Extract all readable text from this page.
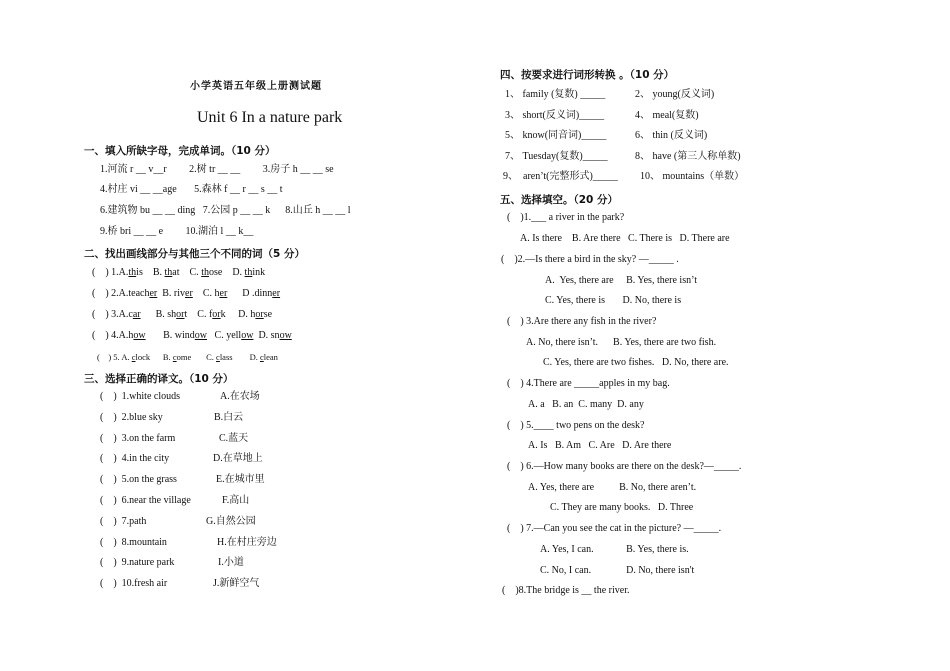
小学英语五年级上册测试题
Unit 6 In a nature park
一、填入所缺字母，完成单词。（10 分）
二、找出画线部分与其他三个不同的词（5 分）
三、选择正确的译文。（10 分）
四、按要求进行词形转换 。（10 分）
五、选择填空。（20 分）
1.河流 r __ v__r         2.树 tr __ __         3.房子 h __ __ se
4.村庄 vi __ __age       5.森林 f __ r __ s __ t
6.建筑物 bu __ __ ding   7.公园 p __ __ k      8.山丘 h __ __ l
9.桥 bri __ __ e         10.湖泊 l __ k__
(    ) 1.A.this    B. that    C. those    D. think
(    ) 2.A.teacher  B. river    C. her      D .dinner
(    ) 3.A.car      B. short    C. fork     D. horse
(    ) 4.A.how       B. window   C. yellow  D. snow
(    ) 5. A. clock      B. come       C. class        D. clean
(    )  1.white clouds	A.在农场
(    )  2.blue sky	B.白云
(    )  3.on the farm	C.蓝天
(    )  4.in the city	D.在草地上
(    )  5.on the grass	E.在城市里
(    )  6.near the village	F.高山
(    )  7.path	G.自然公园
(    )  8.mountain	H.在村庄旁边
(    )  9.nature park	I.小道
(    )  10.fresh air	J.新鲜空气
1、 family (复数) _____	2、 young(反义词)
3、 short(反义词)_____	4、 meal(复数)
5、 know(同音词)_____	6、 thin (反义词)
7、 Tuesday(复数)_____	8、 have (第三人称单数)
9、  aren’t(完整形式)_____ 10、 mountains（单数）
(    )1.___ a river in the park?
A. Is there    B. Are there   C. There is   D. There are
(    )2.—Is there a bird in the sky? —_____ .
A.  Yes, there are     B. Yes, there isn’t
C. Yes, there is       D. No, there is
(    ) 3.Are there any fish in the river?
A. No, there isn’t.      B. Yes, there are two fish.
C. Yes, there are two fishes.   D. No, there are.
(    ) 4.There are _____apples in my bag.
A. a   B. an  C. many  D. any
(    ) 5.____ two pens on the desk?
A. Is   B. Am   C. Are   D. Are there
(    ) 6.—How many books are there on the desk?—_____.
A. Yes, there are          B. No, there aren’t.
C. They are many books.   D. Three
(    ) 7.—Can you see the cat in the picture? —_____.
A. Yes, I can.             B. Yes, there is.
C. No, I can.              D. No, there isn't
(    )8.The bridge is __ the river.
